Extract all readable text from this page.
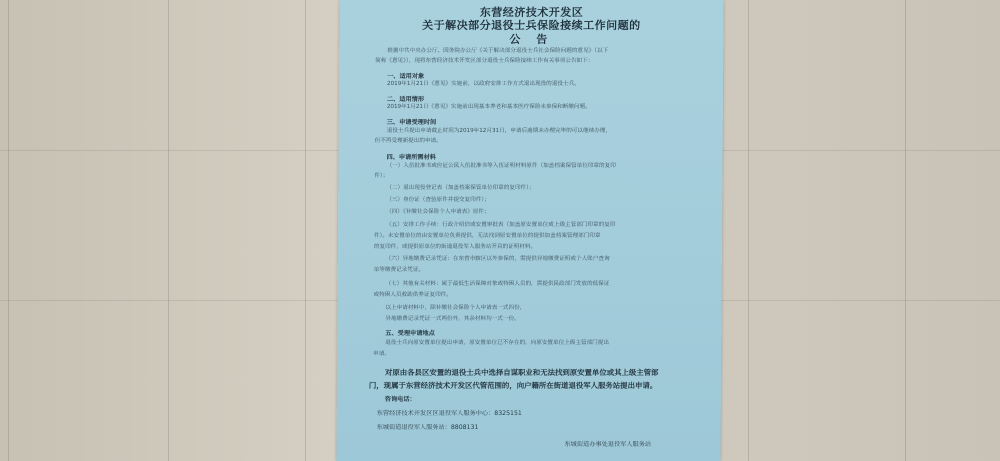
东营经济技术开发区
关于解决部分退役士兵保险接续工作问题的
公 告
根据中共中央办公厅、国务院办公厅《关于解决部分退役士兵社会保险问题的意见》（以下
简称《意见》），现将东营经济技术开发区部分退役士兵保险接续工作有关事项公告如下：
一、适用对象
2019年1月21日《意见》实施前，以政府安排工作方式退出现役的退役士兵。
二、适用情形
2019年1月21日《意见》实施前出现基本养老和基本医疗保险未参保和断缴问题。
三、申请受理时间
退役士兵提出申请截止时间为2019年12月31日，申请后逾期未办理完毕的可以继续办理，
但不再受理新提出的申请。
四、申请所需材料
（一）入伍批准书或应征公民入伍批准书等入伍证明材料原件（加盖档案保管单位印章的复印
件）；
（二）退出现役登记表（加盖档案保管单位印章的复印件）；
（三）身份证（查验原件并提交复印件）；
（四）《补缴社会保险个人申请表》原件；
（五）安排工作手续：行政介绍信或安置审批表（加盖原安置单位或上级主管部门印章的复印
件）。未安置单位的由安置单位负责提供，无法找到原安置单位的提供加盖档案管理部门印章
的复印件，或提供原单位的街道退役军人服务站开具的证明材料。
（六）异地缴费记录凭证：在东营市辖区以外参保的，需提供异地缴费证明或个人账户查询
单等缴费记录凭证。
（七）其他有关材料：属于最低生活保障对象或特困人员的，需提供民政部门发放的低保证
或特困人员救助供养证复印件。
以上申请材料中，除补缴社会保险个人申请表一式四份，
异地缴费记录凭证一式两份外，其余材料均一式一份。
五、受理申请地点
退役士兵向原安置单位提出申请，原安置单位已不存在的，向原安置单位上级主管部门提出
申请。
对原由各县区安置的退役士兵中选择自谋职业和无法找到原安置单位或其上级主管部
门，现属于东营经济技术开发区代管范围的，向户籍所在街道退役军人服务站提出申请。
咨询电话：
东营经济技术开发区区退役军人服务中心：8325151
东城街道退役军人服务站：8808131
东城街道办事处退役军人服务站
